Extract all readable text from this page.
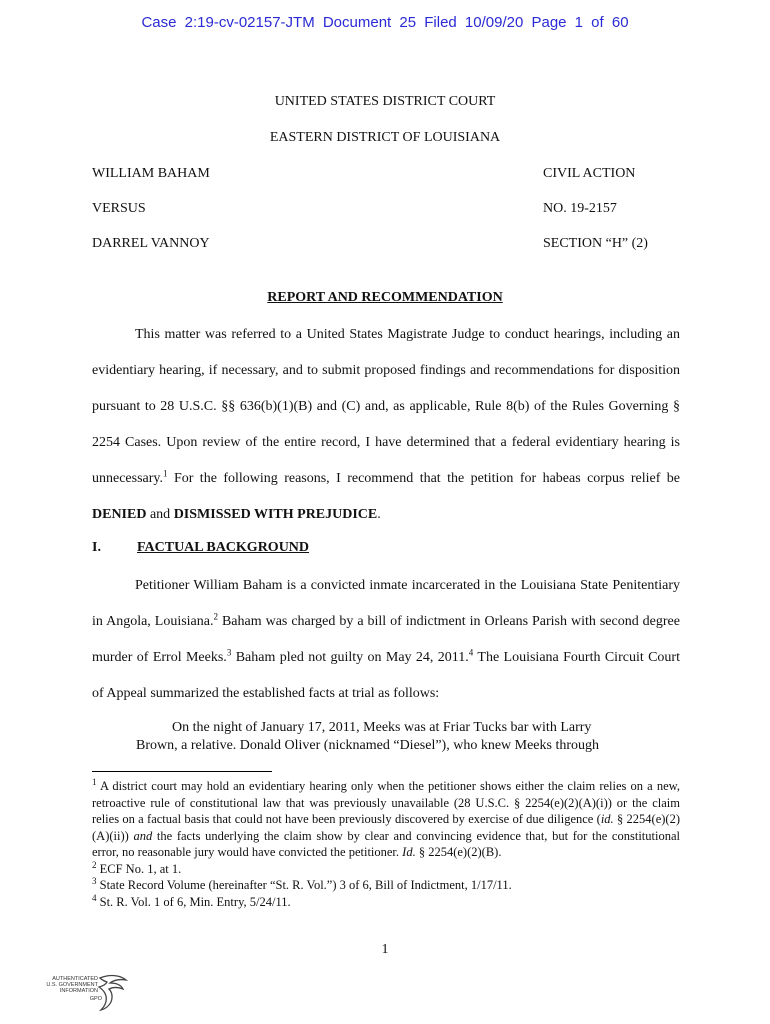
Case 2:19-cv-02157-JTM Document 25 Filed 10/09/20 Page 1 of 60
UNITED STATES DISTRICT COURT
EASTERN DISTRICT OF LOUISIANA
WILLIAM BAHAM
VERSUS
DARREL VANNOY
CIVIL ACTION
NO. 19-2157
SECTION “H” (2)
REPORT AND RECOMMENDATION

This matter was referred to a United States Magistrate Judge to conduct hearings, including an evidentiary hearing, if necessary, and to submit proposed findings and recommendations for disposition pursuant to 28 U.S.C. §§ 636(b)(1)(B) and (C) and, as applicable, Rule 8(b) of the Rules Governing § 2254 Cases. Upon review of the entire record, I have determined that a federal evidentiary hearing is unnecessary.$^1$ For the following reasons, I recommend that the petition for habeas corpus relief be DENIED and DISMISSED WITH PREJUDICE.

I.	FACTUAL BACKGROUND

Petitioner William Baham is a convicted inmate incarcerated in the Louisiana State Penitentiary in Angola, Louisiana.$^2$ Baham was charged by a bill of indictment in Orleans Parish with second degree murder of Errol Meeks.$^3$ Baham pled not guilty on May 24, 2011.$^4$ The Louisiana Fourth Circuit Court of Appeal summarized the established facts at trial as follows:

On the night of January 17, 2011, Meeks was at Friar Tucks bar with Larry
Brown, a relative. Donald Oliver (nicknamed “Diesel”), who knew Meeks through

$^1$ A district court may hold an evidentiary hearing only when the petitioner shows either the claim relies on a new, retroactive rule of constitutional law that was previously unavailable (28 U.S.C. § 2254(e)(2)(A)(i)) or the claim relies on a factual basis that could not have been previously discovered by exercise of due diligence (id. § 2254(e)(2)(A)(ii)) and the facts underlying the claim show by clear and convincing evidence that, but for the constitutional error, no reasonable jury would have convicted the petitioner. Id. § 2254(e)(2)(B).

$^2$ ECF No. 1, at 1.

$^3$ State Record Volume (hereinafter “St. R. Vol.”) 3 of 6, Bill of Indictment, 1/17/11.

$^4$ St. R. Vol. 1 of 6, Min. Entry, 5/24/11.

1
AUTHENTICATED
U.S. GOVERNMENT
INFORMATION
GPO
